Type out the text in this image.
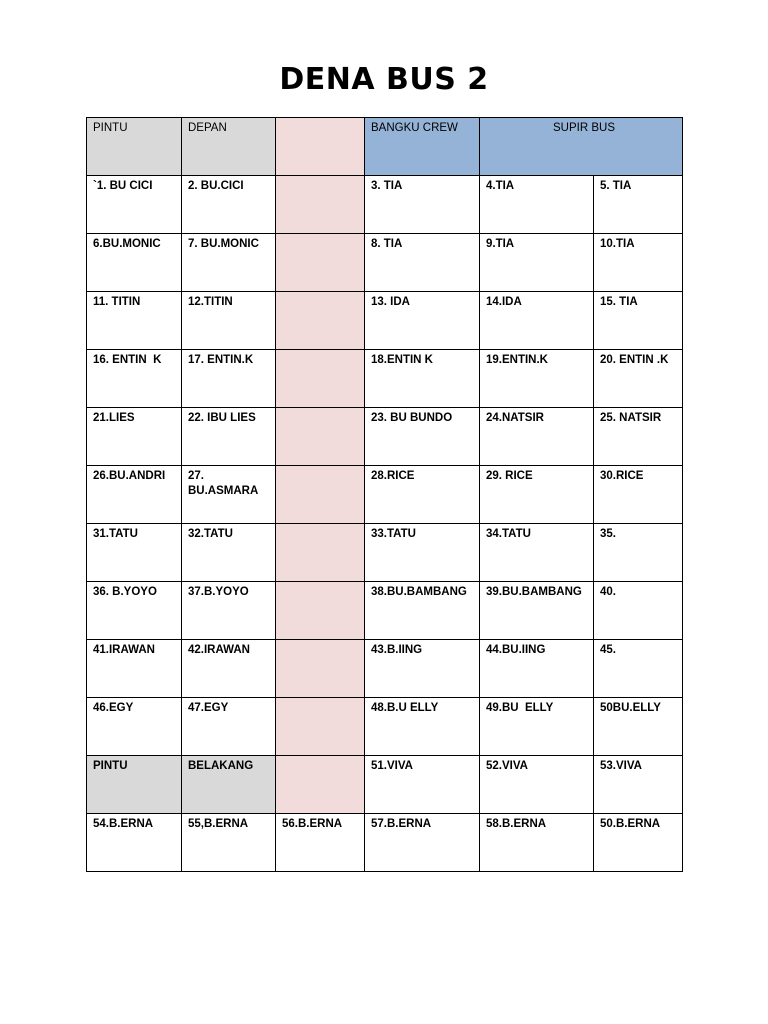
DENA BUS 2
PINTU	DEPAN		BANGKU CREW	SUPIR BUS	
`1. BU CICI	2. BU.CICI		3. TIA	4.TIA	5. TIA
6.BU.MONIC	7. BU.MONIC		8. TIA	9.TIA	10.TIA
11. TITIN	12.TITIN		13. IDA	14.IDA	15. TIA
16. ENTIN  K	17. ENTIN.K		18.ENTIN K	19.ENTIN.K	20. ENTIN .K
21.LIES	22. IBU LIES		23. BU BUNDO	24.NATSIR	25. NATSIR
26.BU.ANDRI	27. BU.ASMARA		28.RICE	29. RICE	30.RICE
31.TATU	32.TATU		33.TATU	34.TATU	35.
36. B.YOYO	37.B.YOYO		38.BU.BAMBANG	39.BU.BAMBANG	40.
41.IRAWAN	42.IRAWAN		43.B.IING	44.BU.IING	45.
46.EGY	47.EGY		48.B.U ELLY	49.BU  ELLY	50BU.ELLY
PINTU	BELAKANG		51.VIVA	52.VIVA	53.VIVA
54.B.ERNA	55,B.ERNA	56.B.ERNA	57.B.ERNA	58.B.ERNA	50.B.ERNA
